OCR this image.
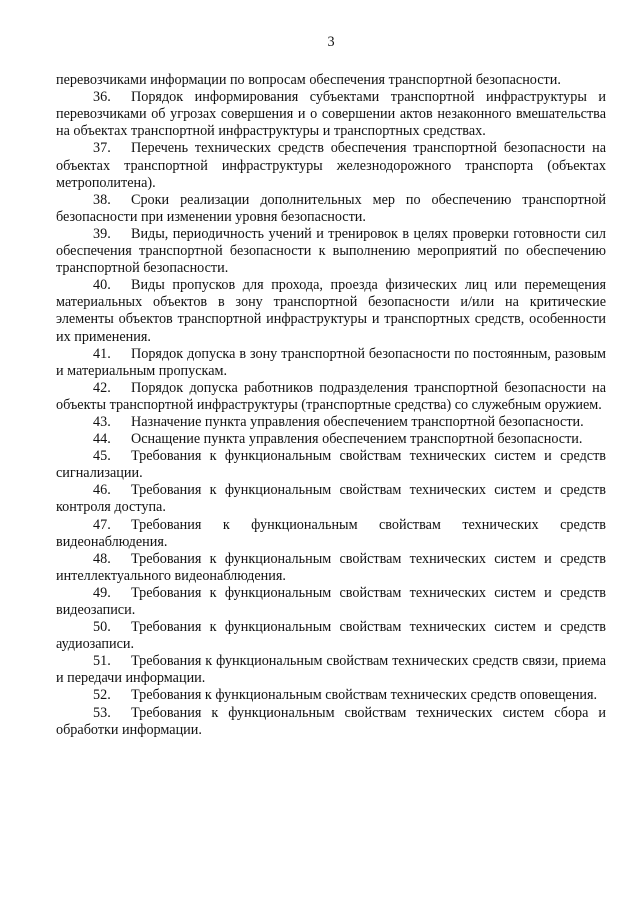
3

перевозчиками информации по вопросам обеспечения транспортной безопасности.

36. Порядок информирования субъектами транспортной инфраструктуры и перевозчиками об угрозах совершения и о совершении актов незаконного вмешательства на объектах транспортной инфраструктуры и транспортных средствах.

37. Перечень технических средств обеспечения транспортной безопасности на объектах транспортной инфраструктуры железнодорожного транспорта (объектах метрополитена).

38. Сроки реализации дополнительных мер по обеспечению транспортной безопасности при изменении уровня безопасности.

39. Виды, периодичность учений и тренировок в целях проверки готовности сил обеспечения транспортной безопасности к выполнению мероприятий по обеспечению транспортной безопасности.

40. Виды пропусков для прохода, проезда физических лиц или перемещения материальных объектов в зону транспортной безопасности и/или на критические элементы объектов транспортной инфраструктуры и транспортных средств, особенности их применения.

41. Порядок допуска в зону транспортной безопасности по постоянным, разовым и материальным пропускам.

42. Порядок допуска работников подразделения транспортной безопасности на объекты транспортной инфраструктуры (транспортные средства) со служебным оружием.

43. Назначение пункта управления обеспечением транспортной безопасности.

44. Оснащение пункта управления обеспечением транспортной безопасности.

45. Требования к функциональным свойствам технических систем и средств сигнализации.

46. Требования к функциональным свойствам технических систем и средств контроля доступа.

47. Требования к функциональным свойствам технических средств видеонаблюдения.

48. Требования к функциональным свойствам технических систем и средств интеллектуального видеонаблюдения.

49. Требования к функциональным свойствам технических систем и средств видеозаписи.

50. Требования к функциональным свойствам технических систем и средств аудиозаписи.

51. Требования к функциональным свойствам технических средств связи, приема и передачи информации.

52. Требования к функциональным свойствам технических средств оповещения.

53. Требования к функциональным свойствам технических систем сбора и обработки информации.
